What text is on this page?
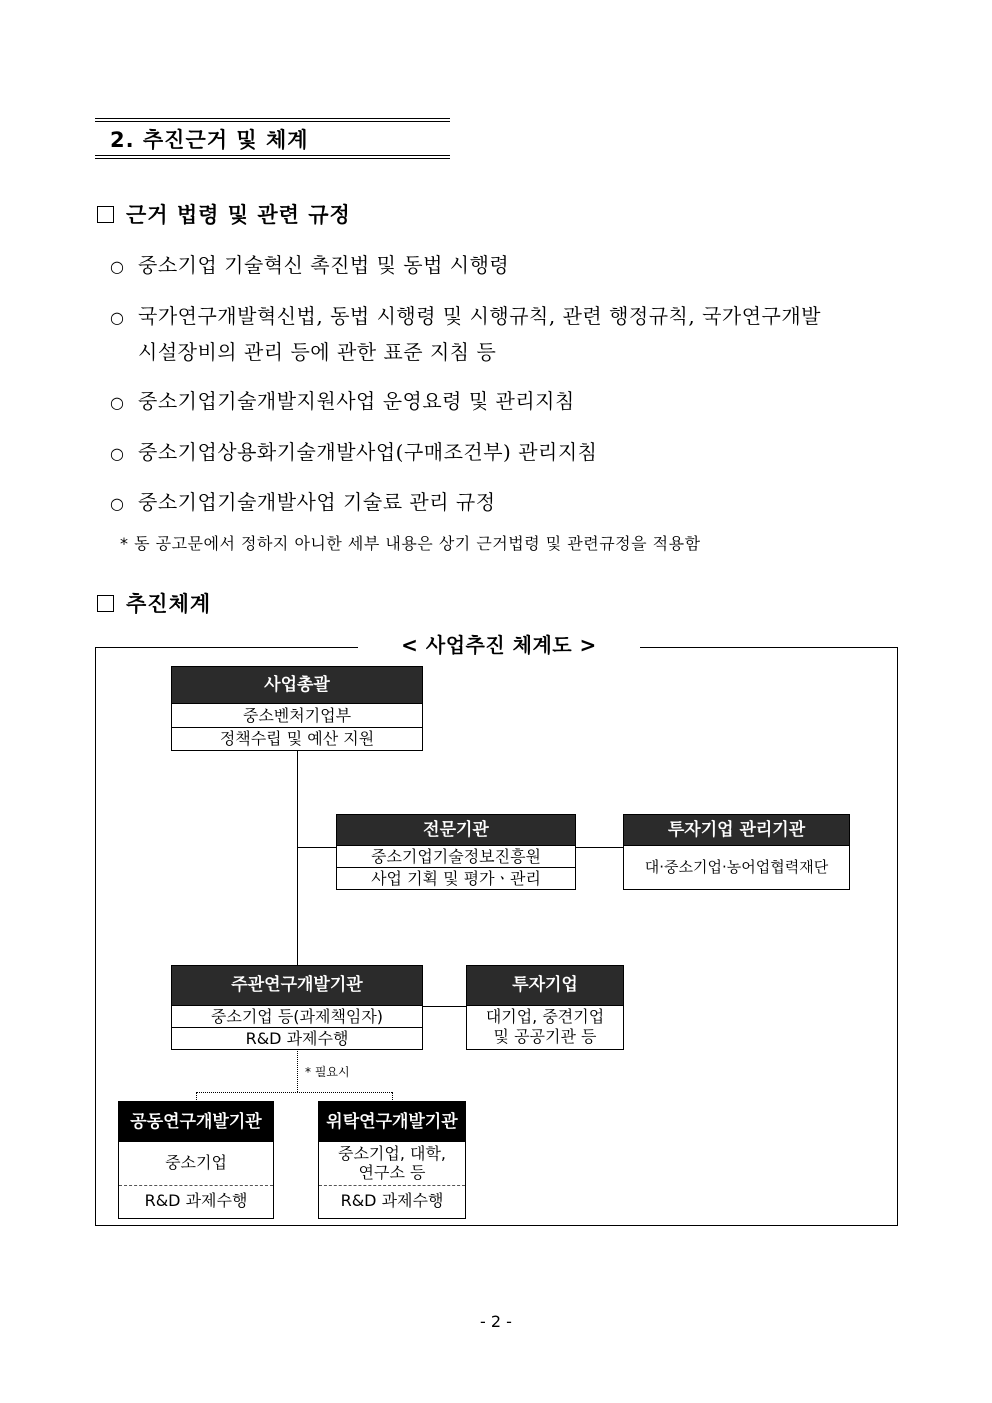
2. 추진근거 및 체계
근거 법령 및 관련 규정
○ 중소기업 기술혁신 촉진법 및 동법 시행령
○ 국가연구개발혁신법, 동법 시행령 및 시행규칙, 관련 행정규칙, 국가연구개발
시설장비의 관리 등에 관한 표준 지침 등
○ 중소기업기술개발지원사업 운영요령 및 관리지침
○ 중소기업상용화기술개발사업(구매조건부) 관리지침
○ 중소기업기술개발사업 기술료 관리 규정
* 동 공고문에서 정하지 아니한 세부 내용은 상기 근거법령 및 관련규정을 적용함
추진체계
< 사업추진 체계도 >
* 필요시
사업총괄
중소벤처기업부
정책수립 및 예산 지원
전문기관
중소기업기술정보진흥원
사업 기획 및 평가ㆍ관리
투자기업 관리기관
대·중소기업·농어업협력재단
주관연구개발기관
중소기업 등(과제책임자)
R&D 과제수행
투자기업
대기업, 중견기업
및 공공기관 등
공동연구개발기관
중소기업
R&D 과제수행
위탁연구개발기관
중소기업, 대학,
연구소 등
R&D 과제수행
- 2 -
